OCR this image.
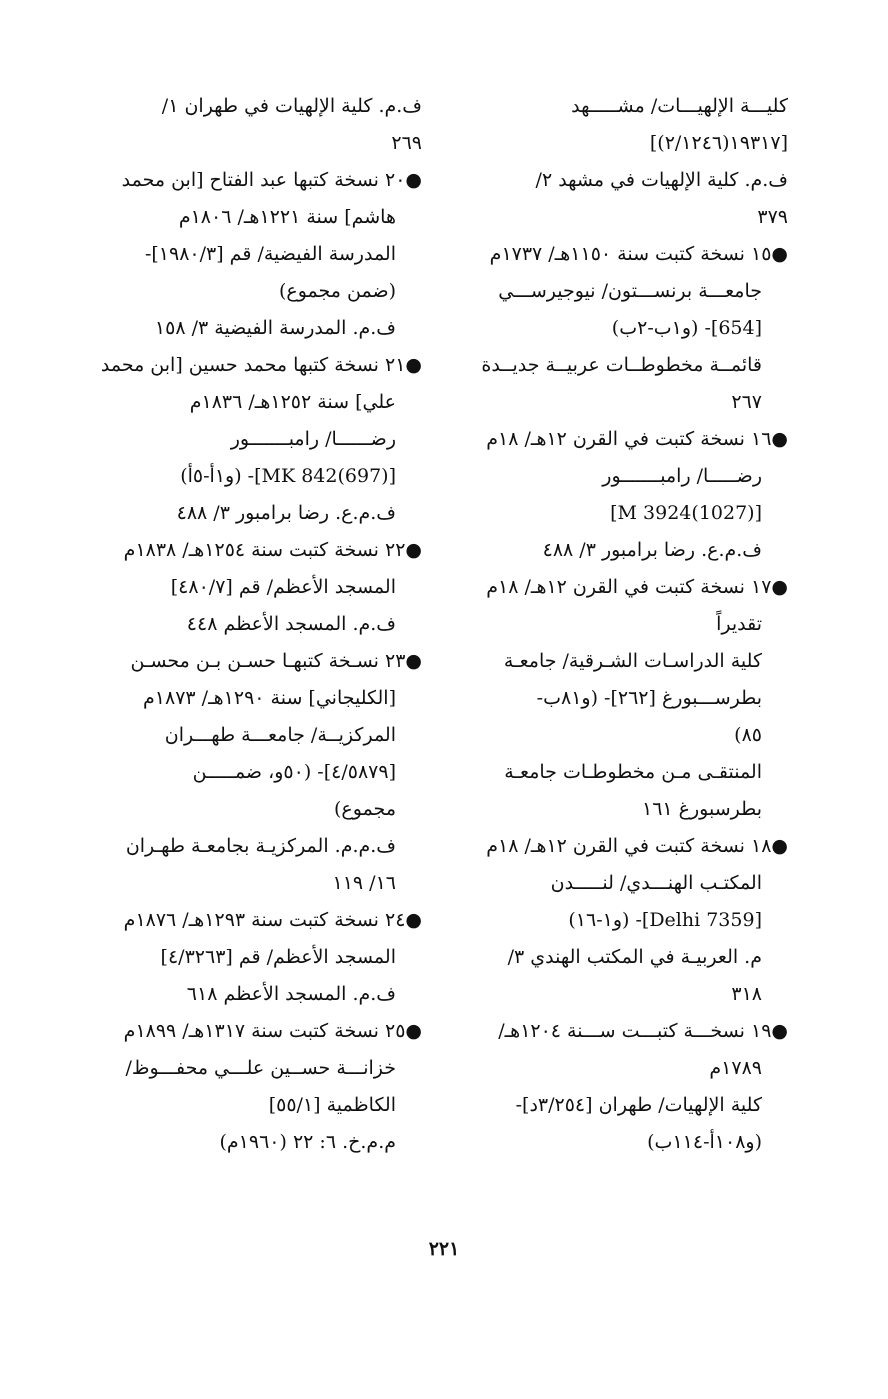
كليـــة الإلهيـــات/ مشـــــهد
[١٩٣١٧(٢/١٢٤٦)]
ف.م. كلية الإلهيات في مشهد ٢/
٣٧٩
●١٥ نسخة كتبت سنة ١١٥٠هـ/ ١٧٣٧م
جامعـــة برنســـتون/ نيوجيرســـي
[654]- (و١ب-٢ب)
قائمــة مخطوطــات عربيــة جديــدة
٢٦٧
●١٦ نسخة كتبت في القرن ١٢هـ/ ١٨م
رضـــــا/ رامبـــــــور
[(1027)3924 M]
ف.م.ع. رضا برامبور ٣/ ٤٨٨
●١٧ نسخة كتبت في القرن ١٢هـ/ ١٨م
تقديراً
كلية الدراسـات الشـرقية/ جامعـة
بطرســـبورغ [٢٦٢]- (و٨١ب-
٨٥)
المنتقـى مـن مخطوطـات جامعـة
بطرسبورغ ١٦١
●١٨ نسخة كتبت في القرن ١٢هـ/ ١٨م
المكتـب الهنـــدي/ لنـــــدن
[Delhi 7359]- (و١-١٦)
م. العربيـة في المكتب الهندي ٣/
٣١٨
●١٩ نسخـــة كتبـــت ســـنة ١٢٠٤هـ/
١٧٨٩م
كلية الإلهيات/ طهران [٣/٢٥٤د]-
(و١٠٨أ-١١٤ب)
ف.م. كلية الإلهيات في طهران ١/
٢٦٩
●٢٠ نسخة كتبها عبد الفتاح [ابن محمد
هاشم] سنة ١٢٢١هـ/ ١٨٠٦م
المدرسة الفيضية/ قم [١٩٨٠/٣]-
(ضمن مجموع)
ف.م. المدرسة الفيضية ٣/ ١٥٨
●٢١ نسخة كتبها محمد حسين [ابن محمد
علي] سنة ١٢٥٢هـ/ ١٨٣٦م
رضــــــا/ رامبـــــــور
[(697)842 MK]- (و١أ-٥أ)
ف.م.ع. رضا برامبور ٣/ ٤٨٨
●٢٢ نسخة كتبت سنة ١٢٥٤هـ/ ١٨٣٨م
المسجد الأعظم/ قم [٤٨٠/٧]
ف.م. المسجد الأعظم ٤٤٨
●٢٣ نسـخة كتبهـا حسـن بـن محسـن
[الكليجاني] سنة ١٢٩٠هـ/ ١٨٧٣م
المركزيــة/ جامعـــة طهـــران
[٤/٥٨٧٩]- (٥٠و، ضمـــــن
مجموع)
ف.م.م. المركزيـة بجامعـة طهـران
١٦/ ١١٩
●٢٤ نسخة كتبت سنة ١٢٩٣هـ/ ١٨٧٦م
المسجد الأعظم/ قم [٤/٣٢٦٣]
ف.م. المسجد الأعظم ٦١٨
●٢٥ نسخة كتبت سنة ١٣١٧هـ/ ١٨٩٩م
خزانـــة حســين علـــي محفـــوظ/
الكاظمية [٥٥/١]
م.م.خ. ٦: ٢٢ (١٩٦٠م)
٢٢١
